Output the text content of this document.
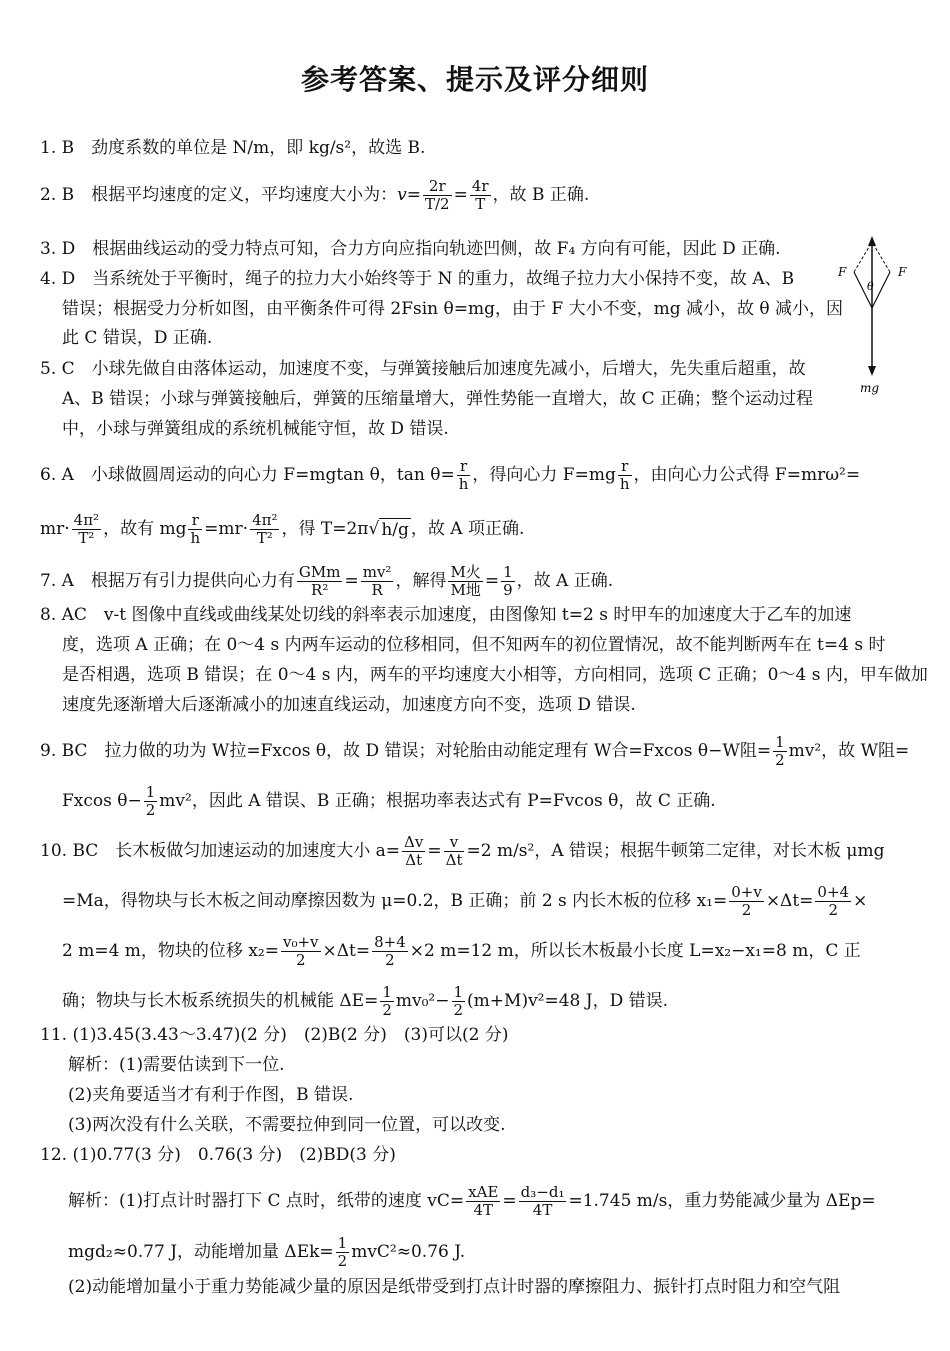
参考答案、提示及评分细则
1. B　劲度系数的单位是 N/m，即 kg/s²，故选 B.
2. B　根据平均速度的定义，平均速度大小为：$v= \frac{2r}{T/2} = \frac{4r}{T}$ ，故 B 正确.
3. D　根据曲线运动的受力特点可知，合力方向应指向轨迹凹侧，故 F₄ 方向有可能，因此 D 正确.
4. D　当系统处于平衡时，绳子的拉力大小始终等于 N 的重力，故绳子拉力大小保持不变，故 A、B
错误；根据受力分析如图，由平衡条件可得 2Fsin θ=mg，由于 F 大小不变，mg 减小，故 θ 减小，因
此 C 错误，D 正确.
F	F
θ
mg
5. C　小球先做自由落体运动，加速度不变，与弹簧接触后加速度先减小，后增大，先失重后超重，故
A、B 错误；小球与弹簧接触后，弹簧的压缩量增大，弹性势能一直增大，故 C 正确；整个运动过程
中，小球与弹簧组成的系统机械能守恒，故 D 错误.
6. A　小球做圆周运动的向心力 F=mgtan θ，$\tan \theta= \frac{r}{h}$ ，得向心力 $F=mg \frac{r}{h}$ ，由向心力公式得 F=mrω²=
$mr\cdot \frac{\text{4π²}}{\text{T²}}$ ，故有 mg $\frac{r}{h} =mr\cdot \frac{\text{4π²}}{\text{T²}}$ ，得 T=2π√ h/g ，故 A 项正确.
7. A　根据万有引力提供向心力有 $\frac{\text{GMm}}{\text{R²}} = \frac{\text{mv²}}{R}$ ，解得 $\frac{\text{M火}}{\text{M地}} = \frac{1}{9}$ ，故 A 正确.
8. AC　v-t 图像中直线或曲线某处切线的斜率表示加速度，由图像知 t=2 s 时甲车的加速度大于乙车的加速
度，选项 A 正确；在 0～4 s 内两车运动的位移相同，但不知两车的初位置情况，故不能判断两车在 t=4 s 时
是否相遇，选项 B 错误；在 0～4 s 内，两车的平均速度大小相等，方向相同，选项 C 正确；0～4 s 内，甲车做加
速度先逐渐增大后逐渐减小的加速直线运动，加速度方向不变，选项 D 错误.
9. BC　拉力做的功为 W拉=Fxcos θ，故 D 错误；对轮胎由动能定理有 W合=Fxcos θ−W阻= $\frac{1}{2} mv^2$，故 W阻=
Fxcos $\theta- \frac{1}{2} mv^2$，因此 A 错误、B 正确；根据功率表达式有 P=Fvcos θ，故 C 正确.
10. BC　长木板做匀加速运动的加速度大小 $a= \frac{\Delta v}{\Delta t} = \frac{v}{\Delta t} =2$ m/s²，A 错误；根据牛顿第二定律，对长木板 μmg
=Ma，得物块与长木板之间动摩擦因数为 μ=0.2，B 正确；前 2 s 内长木板的位移 $x_1= \frac{0+v}{2} \times\Delta t= \frac{0+4}{2}$ ×
2 m=4 m，物块的位移 $x_2= \frac{\text{v₀+v}}{2} \times\Delta t= \frac{8+4}{2} \times 2$ m=12 m，所以长木板最小长度 L=x₂−x₁=8 m，C 正
确；物块与长木板系统损失的机械能 $\Delta E= \frac{1}{2} mv_0^2- \frac{1}{2} (m+M)v^2=48$ J，D 错误.
11. (1)3.45(3.43～3.47)(2 分)　(2)B(2 分)　(3)可以(2 分)
解析：(1)需要估读到下一位.
(2)夹角要适当才有利于作图，B 错误.
(3)两次没有什么关联，不需要拉伸到同一位置，可以改变.
12. (1)0.77(3 分)　0.76(3 分)　(2)BD(3 分)
解析：(1)打点计时器打下 C 点时，纸带的速度 $vC= \frac{\text{xAE}}{4T} = \frac{\text{d₃−d₁}}{4T} =1.745$ m/s，重力势能减少量为 ΔEp=
mgd₂≈0.77 J，动能增加量 $\Delta Ek= \frac{1}{2} mvC^2\approx 0.76$ J.
(2)动能增加量小于重力势能减少量的原因是纸带受到打点计时器的摩擦阻力、振针打点时阻力和空气阻
